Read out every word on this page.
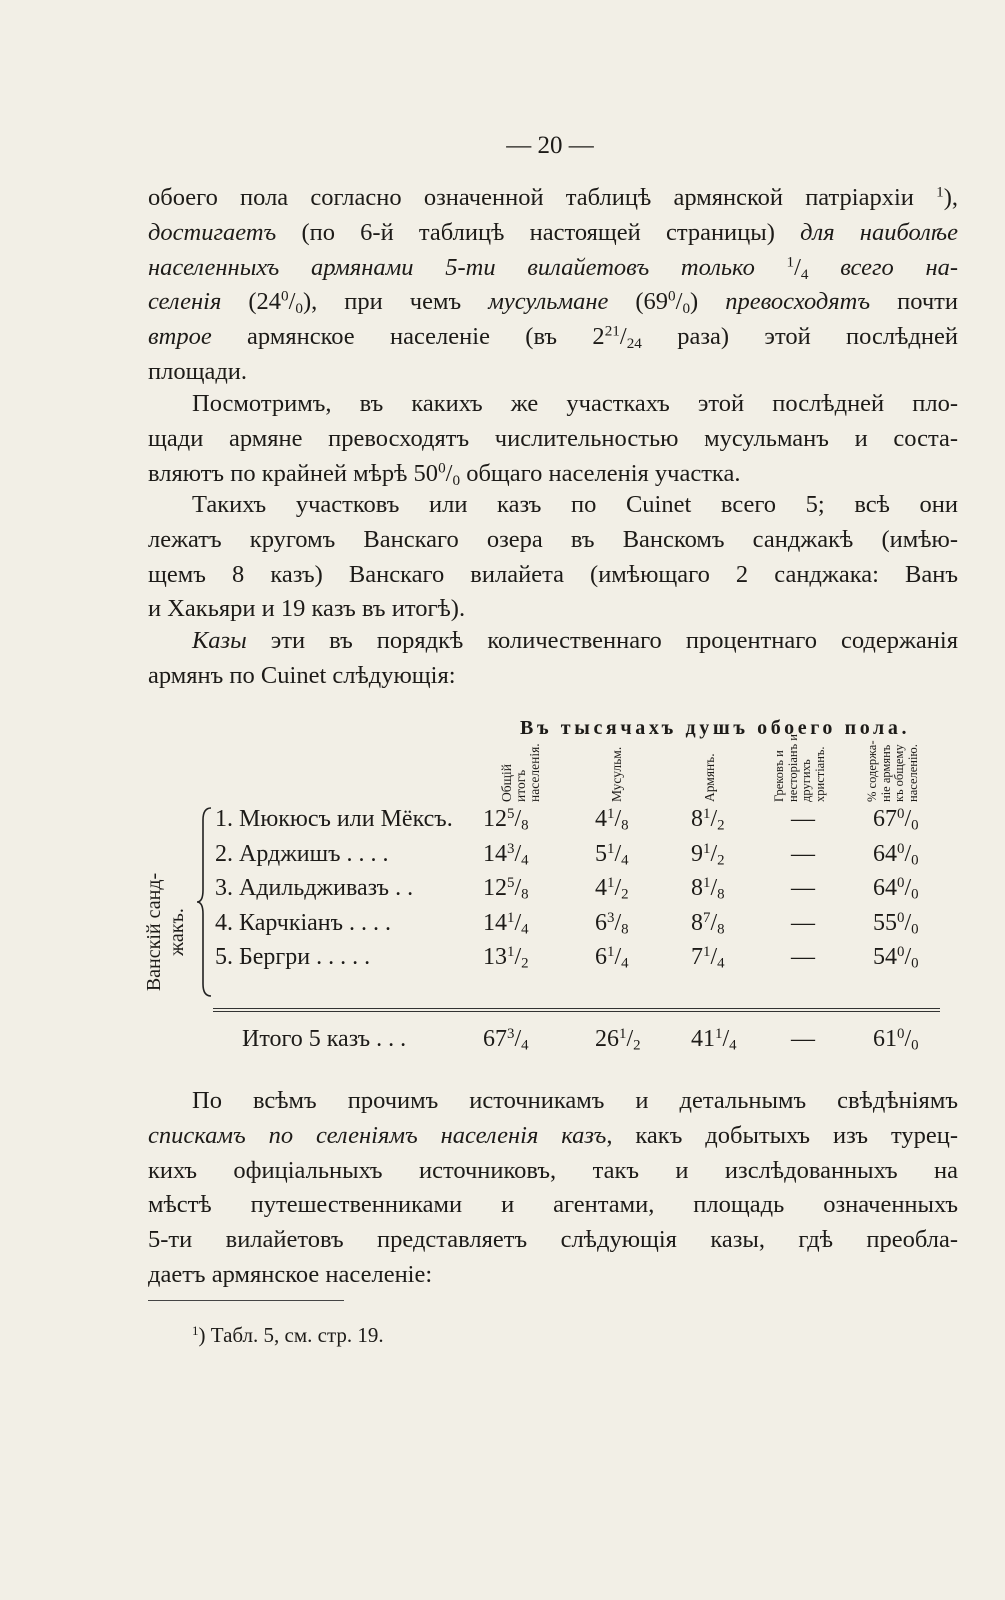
— 20 —
обоего пола согласно означенной таблицѣ армянской патріархіи $^1$),
достигаетъ (по 6-й таблицѣ настоящей страницы) для наиболѣе
населенныхъ армянами 5-ти вилайетовъ только $^1/_4$ всего на-
селенія $(24^0/_0)$, при чемъ мусульмане $(69^0/_0)$ превосходятъ почти
втрое армянское населеніе (въ $2^{21}/_{24}$ раза) этой послѣдней
площади.
Посмотримъ, въ какихъ же участкахъ этой послѣдней пло-
щади армяне превосходятъ числительностью мусульманъ и соста-
вляютъ по крайней мѣрѣ $50^0/_0$ общаго населенія участка.
Такихъ участковъ или казъ по Cuinet всего 5; всѣ они
лежатъ кругомъ Ванскаго озера въ Ванскомъ санджакѣ (имѣю-
щемъ 8 казъ) Ванскаго вилайета (имѣющаго 2 санджака: Ванъ
и Хакьяри и 19 казъ въ итогѣ).
Казы эти въ порядкѣ количественнаго процентнаго содержанія
армянъ по Cuinet слѣдующія:
Въ тысячахъ душъ обоего пола.
Общій итогъ населенія.	Мусульм.	Армянъ.	Грековъ и несторіанъ и другихъ христіанъ.	% содержа- ніе армянъ къ общему населенію.
Ванскій санд- жакъ.
1. Мюкюсъ или Мёксъ. $12^5/_8$	$4^1/_8$	$8^1/_2$	— $67^0/_0$
2. Арджишъ . . . .	$14^3/_4$	$5^1/_4$	$9^1/_2$	— $64^0/_0$
3. Адильдживазъ . .	$12^5/_8$	$4^1/_2$	$8^1/_8$	— $64^0/_0$
4. Карчкіанъ . . . .	$14^1/_4$	$6^3/_8$	$8^7/_8$	— $55^0/_0$
5. Бергри . . . . .	$13^1/_2$	$6^1/_4$	$7^1/_4$	— $54^0/_0$
Итого 5 казъ . . .	$67^3/_4$	$26^1/_2$ $41^1/_4$ — $61^0/_0$
По всѣмъ прочимъ источникамъ и детальнымъ свѣдѣніямъ
спискамъ по селеніямъ населенія казъ, какъ добытыхъ изъ турец-
кихъ офиціальныхъ источниковъ, такъ и изслѣдованныхъ на
мѣстѣ путешественниками и агентами, площадь означенныхъ
5-ти вилайетовъ представляетъ слѣдующія казы, гдѣ преобла-
даетъ армянское населеніе:
$^1$) Табл. 5, см. стр. 19.
